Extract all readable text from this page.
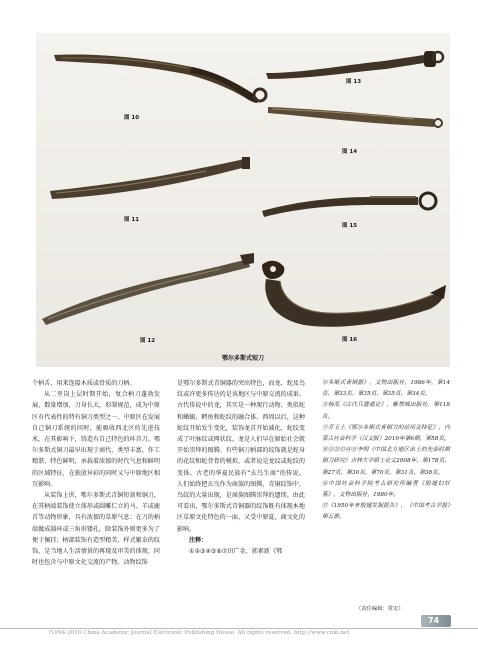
图 10
图 13
图 14
图 11
图 15
图 12	图 16
鄂尔多斯式短刀

个柄舌，用来连接木质或骨质的刀柄。

从二里岗上层时期开始，复合柄刀蓬勃发展，数量增加，刀身长大，形制规范，成为中原区有代表性的特有铜刀类型之一。中原区在发展自己铜刀系统的同时，能吸收西北区的先进技术，在其影响下，铸造有自己特色的环首刀。鄂尔多斯式铜刀最早出现于商代，类型丰富、作工精湛、特色鲜明，承载着浓郁的时代气息和鲜明的区域特征，在独放异彩的同时又与中原地区相互影响。

从装饰上讲，鄂尔多斯式青铜短剑和铜刀，在其柄端装饰使立体形或圆雕仁立的马、羊或鹿首等动物形象，具有浓郁的草原气息；在刀的柄端做成圆环或三角形镂孔。除装饰外则更多为了便于佩挂；柄部装饰有造型精美、样式繁杂的纹饰，是当地人生活情景的再现及审美的体现。同时也包含与中原文化交流的产物。动物纹饰

是鄂尔多斯式青铜器的突出特色，而龙、蛇及鸟纹或许更多传达的是该地区与中原交流的成果。古代传说中的龙，其实是一种爬行动物、类似蛇和蜥蜴、鳄鱼和蛇纹的融合体。西周以后，这种蛇纹开始发生变化，装饰龙首开始减化，蛇纹变成了叶脉纹或网状纹。龙是人们早在原始社会就开始崇拜的图腾。有些铜刀柄部的纹饰就是蛇身的花纹和蛇背骨的模拟，或者说是龙纹或蛇纹的变体。古老的华夏民族有“玄鸟生商”的传说，人们始终把玄鸟作为商族的图腾，青铜纹饰中，鸟纹的大量出现，是商族图腾崇拜的遗续。由此可看出，鄂尔多斯式青铜器的纹饰既有体现本地区草原文化特色的一面，又受中原夏、商文化的影响。

注释：

①②③④⑤⑥⑦田广金、郭素新《鄂

尔多斯式青铜器》，文物出版社，1986年，第14页、第33页、第35页、第35页、第34页。

⑧杨泓《古代兵器通论》，紫禁城出版社，第118页。

⑨乔玉土《鄂尔多斯式青铜刀的动用及特征》，内蒙古社会科学（汉文版）2010年第6期，第58页。

⑩⑪⑫⑬⑭⑮李明《中国北方地区出土的先秦时期铜刀研究》吉林大学硕士论文2008年，第178页、第27页、第30页、第70页、第31页、第38页。

⑯中国社会科学院考古研究所编著《殷墟妇好墓》，文物出版社，1980年。

⑰《1950年来殷墟发掘报告》，《中国考古学报》第五册。

（责任编辑：常宏）
74
?1994-2016 China Academic Journal Electronic Publishing House. All rights reserved. http://www.cnki.net
